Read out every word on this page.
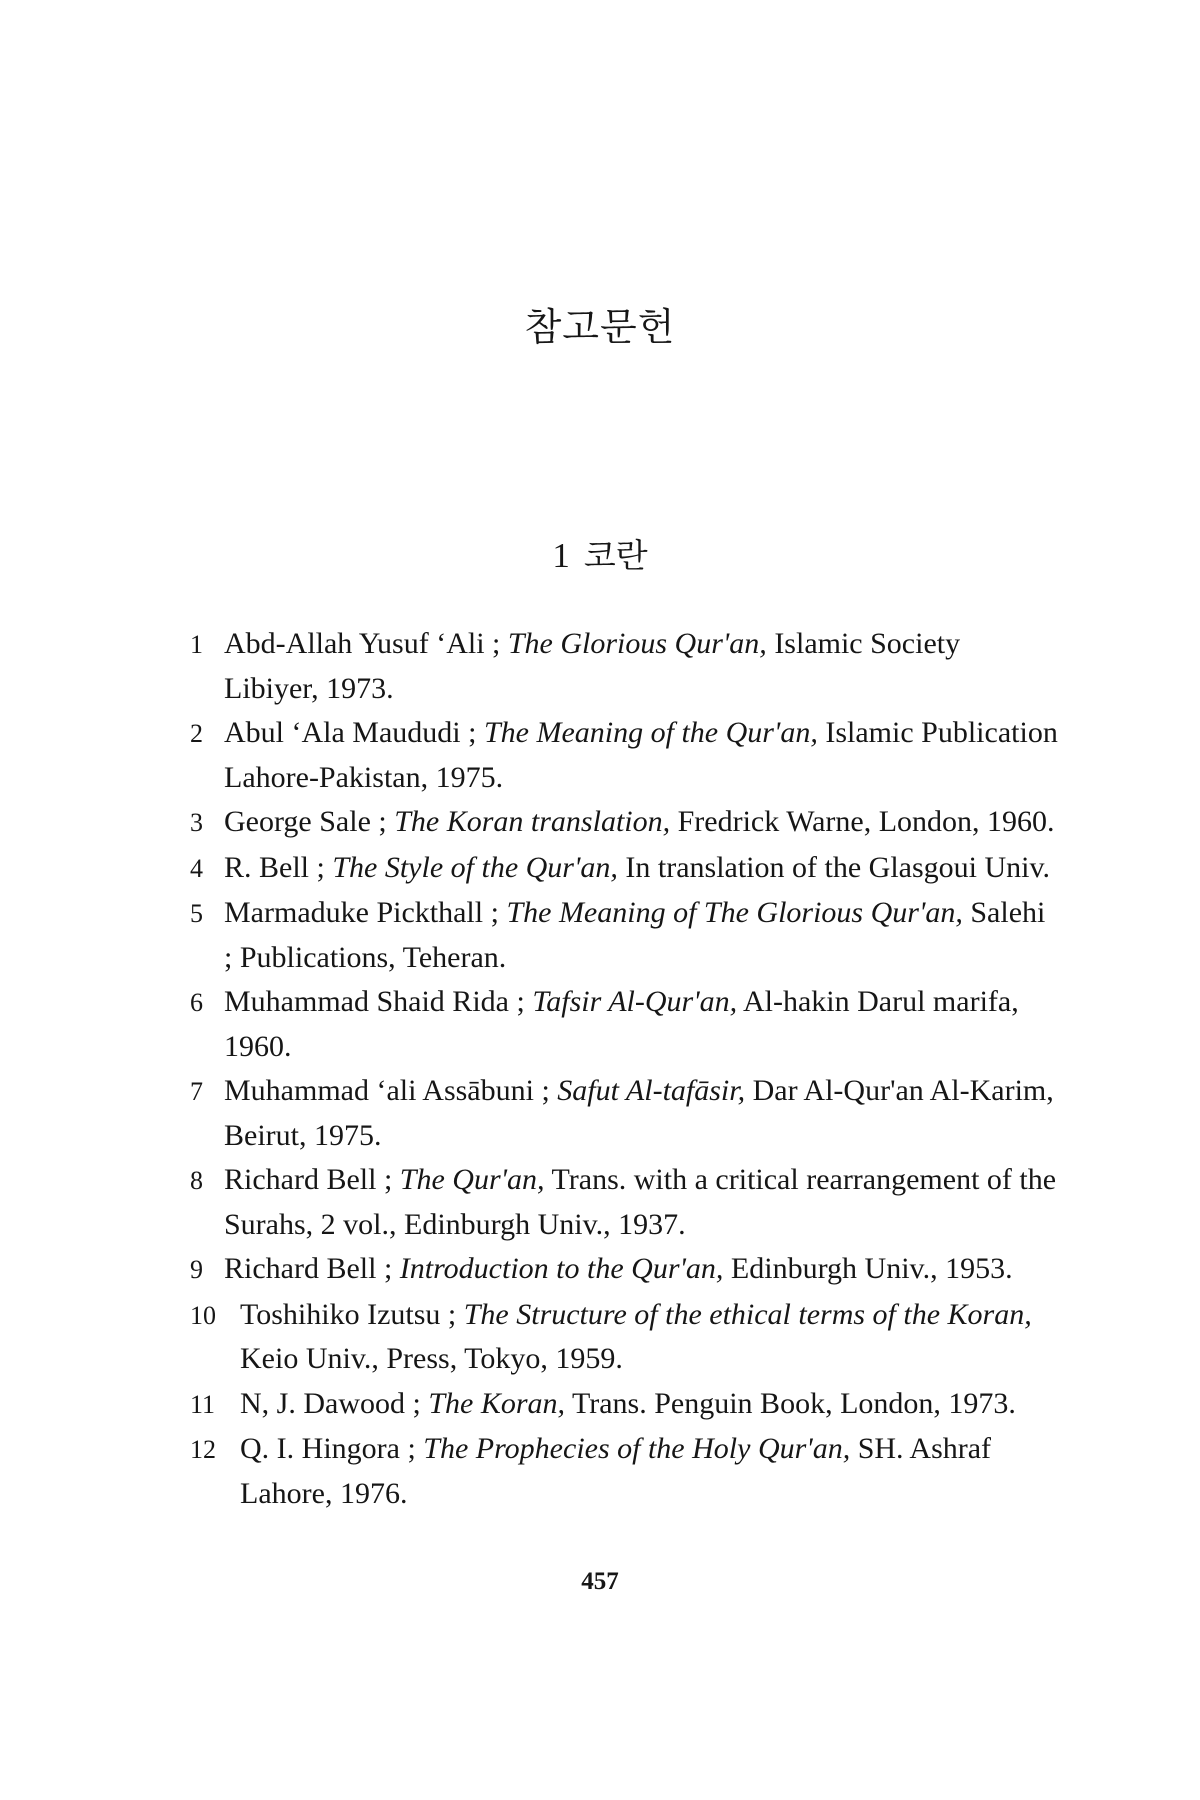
참고문헌
1 코란
1 Abd-Allah Yusuf ‘Ali ; The Glorious Qur'an, Islamic Society Libiyer, 1973.
2 Abul ‘Ala Maududi ; The Meaning of the Qur'an, Islamic Publication Lahore-Pakistan, 1975.
3 George Sale ; The Koran translation, Fredrick Warne, London, 1960.
4 R. Bell ; The Style of the Qur'an, In translation of the Glasgoui Univ.
5 Marmaduke Pickthall ; The Meaning of The Glorious Qur'an, Salehi ; Publications, Teheran.
6 Muhammad Shaid Rida ; Tafsir Al-Qur'an, Al-hakin Darul marifa, 1960.
7 Muhammad ‘ali Assābuni ; Safut Al-tafāsir, Dar Al-Qur'an Al-Karim, Beirut, 1975.
8 Richard Bell ; The Qur'an, Trans. with a critical rearrangement of the Surahs, 2 vol., Edinburgh Univ., 1937.
9 Richard Bell ; Introduction to the Qur'an, Edinburgh Univ., 1953.
10 Toshihiko Izutsu ; The Structure of the ethical terms of the Koran, Keio Univ., Press, Tokyo, 1959.
11 N, J. Dawood ; The Koran, Trans. Penguin Book, London, 1973.
12 Q. I. Hingora ; The Prophecies of the Holy Qur'an, SH. Ashraf Lahore, 1976.
457
